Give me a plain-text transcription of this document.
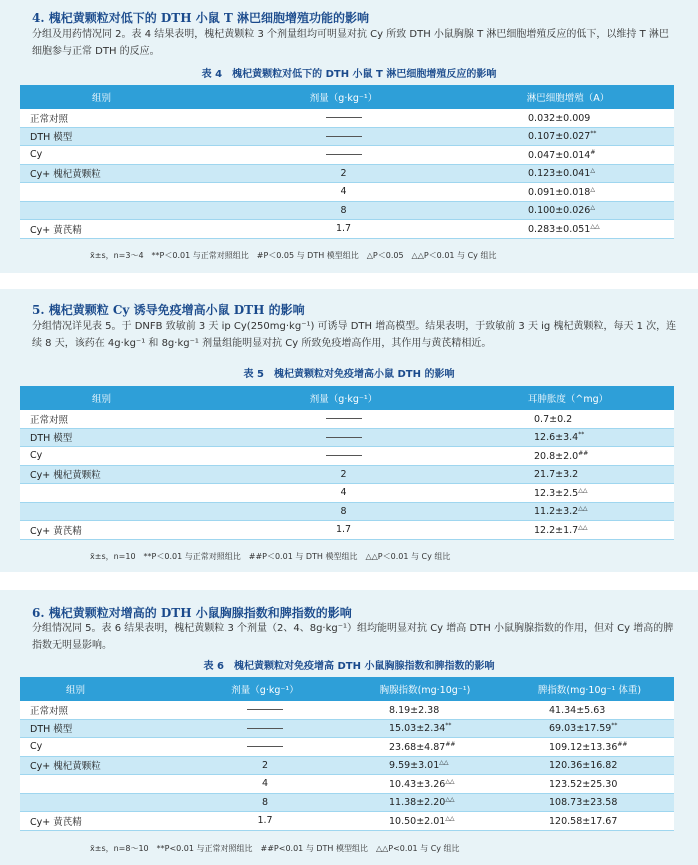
4. 槐杞黄颗粒对低下的 DTH 小鼠 T 淋巴细胞增殖功能的影响
分组及用药情况同 2。表 4 结果表明，槐杞黄颗粒 3 个剂量组均可明显对抗 Cy 所致 DTH 小鼠胸腺 T 淋巴细胞增殖反应的低下，以维持 T 淋巴细胞参与正常 DTH 的反应。
表 4　槐杞黄颗粒对低下的 DTH 小鼠 T 淋巴细胞增殖反应的影响
组别	剂量（g·kg⁻¹）	淋巴细胞增殖（A）
正常对照		0.032±0.009
DTH 模型		0.107±0.027**
Cy		0.047±0.014#
Cy+ 槐杞黄颗粒	2	0.123±0.041△
	4	0.091±0.018△
	8	0.100±0.026△
Cy+ 黄芪精	1.7	0.283±0.051△△
x̄±s，n=3～4　**P＜0.01 与正常对照组比　#P＜0.05 与 DTH 模型组比　△P＜0.05　△△P＜0.01 与 Cy 组比
5. 槐杞黄颗粒 Cy 诱导免疫增高小鼠 DTH 的影响
分组情况详见表 5。于 DNFB 致敏前 3 天 ip Cy(250mg·kg⁻¹) 可诱导 DTH 增高模型。结果表明，于致敏前 3 天 ig 槐杞黄颗粒，每天 1 次，连续 8 天，该药在 4g·kg⁻¹ 和 8g·kg⁻¹ 剂量组能明显对抗 Cy 所致免疫增高作用，其作用与黄芪精相近。
表 5　槐杞黄颗粒对免疫增高小鼠 DTH 的影响
组别	剂量（g·kg⁻¹）	耳肿胀度（^mg）
正常对照		0.7±0.2
DTH 模型		12.6±3.4**
Cy		20.8±2.0##
Cy+ 槐杞黄颗粒	2	21.7±3.2
	4	12.3±2.5△△
	8	11.2±3.2△△
Cy+ 黄芪精	1.7	12.2±1.7△△
x̄±s，n=10　**P＜0.01 与正常对照组比　##P＜0.01 与 DTH 模型组比　△△P＜0.01 与 Cy 组比
6. 槐杞黄颗粒对增高的 DTH 小鼠胸腺指数和脾指数的影响
分组情况同 5。表 6 结果表明，槐杞黄颗粒 3 个剂量（2、4、8g·kg⁻¹）组均能明显对抗 Cy 增高 DTH 小鼠胸腺指数的作用，但对 Cy 增高的脾指数无明显影响。
表 6　槐杞黄颗粒对免疫增高 DTH 小鼠胸腺指数和脾指数的影响
组别	剂量（g·kg⁻¹）	胸腺指数(mg·10g⁻¹)	脾指数(mg·10g⁻¹ 体重)
正常对照		8.19±2.38	41.34±5.63
DTH 模型		15.03±2.34**	69.03±17.59**
Cy		23.68±4.87##	109.12±13.36##
Cy+ 槐杞黄颗粒	2	9.59±3.01△△	120.36±16.82
	4	10.43±3.26△△	123.52±25.30
	8	11.38±2.20△△	108.73±23.58
Cy+ 黄芪精	1.7	10.50±2.01△△	120.58±17.67
x̄±s，n=8～10　**P<0.01 与正常对照组比　##P<0.01 与 DTH 模型组比　△△P<0.01 与 Cy 组比
